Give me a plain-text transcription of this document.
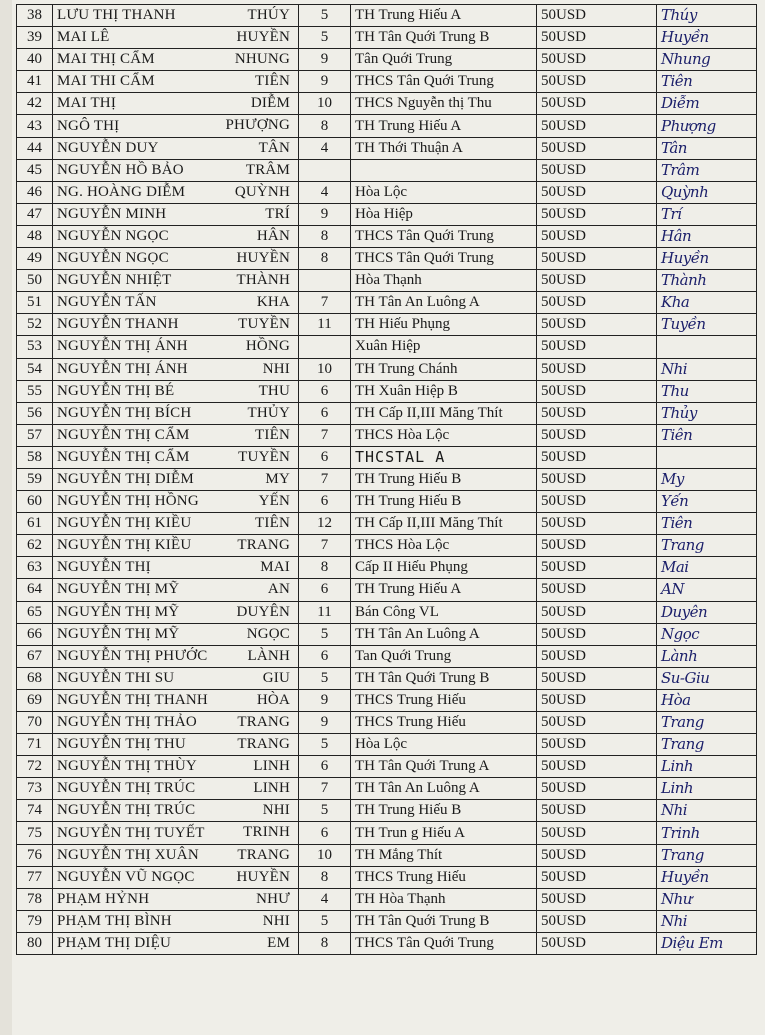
38	LƯU THỊ THANH THÚY	5	TH Trung Hiếu A	50USD	Thúy
39	MAI LÊ HUYỀN	5	TH Tân Quới Trung B	50USD	Huyền
40	MAI THỊ CẨM NHUNG	9	Tân Quới Trung	50USD	Nhung
41	MAI THI CẨM TIÊN	9	THCS Tân Quới Trung	50USD	Tiên
42	MAI THỊ DIỄM	10	THCS Nguyễn thị Thu	50USD	Diễm
43	NGÔ THỊ PHƯỢNG	8	TH Trung Hiếu A	50USD	Phượng
44	NGUYỄN DUY TÂN	4	TH Thới Thuận A	50USD	Tân
45	NGUYỄN HỒ BẢO TRÂM			50USD	Trâm
46	NG. HOÀNG DIỄM QUỲNH	4	Hòa Lộc	50USD	Quỳnh
47	NGUYỄN MINH TRÍ	9	Hòa Hiệp	50USD	Trí
48	NGUYỄN NGỌC HÂN	8	THCS Tân Quới Trung	50USD	Hân
49	NGUYỄN NGỌC HUYỀN	8	THCS Tân Quới Trung	50USD	Huyền
50	NGUYỄN NHIỆT THÀNH		Hòa Thạnh	50USD	Thành
51	NGUYỄN TẤN KHA	7	TH Tân An Luông A	50USD	Kha
52	NGUYỄN THANH TUYỀN	11	TH Hiếu Phụng	50USD	Tuyền
53	NGUYỄN THỊ ÁNH HỒNG		Xuân Hiệp	50USD	
54	NGUYỄN THỊ ÁNH NHI	10	TH Trung Chánh	50USD	Nhi
55	NGUYỄN THỊ BÉ THU	6	TH Xuân Hiệp B	50USD	Thu
56	NGUYỄN THỊ BÍCH THỦY	6	TH Cấp II,III Măng Thít	50USD	Thủy
57	NGUYỄN THỊ CẨM TIÊN	7	THCS Hòa Lộc	50USD	Tiên
58	NGUYỄN THỊ CẨM TUYỀN	6	THCSTAL A	50USD	
59	NGUYỄN THỊ DIỄM MY	7	TH Trung Hiếu B	50USD	My
60	NGUYỄN THỊ HỒNG YẾN	6	TH Trung Hiếu B	50USD	Yến
61	NGUYỄN THỊ KIỀU TIÊN	12	TH Cấp II,III Măng Thít	50USD	Tiên
62	NGUYỄN THỊ KIỀU TRANG	7	THCS Hòa Lộc	50USD	Trang
63	NGUYỄN THỊ MAI	8	Cấp II Hiếu Phụng	50USD	Mai
64	NGUYỄN THỊ MỸ AN	6	TH Trung Hiếu A	50USD	AN
65	NGUYỄN THỊ MỸ DUYÊN	11	Bán Công VL	50USD	Duyên
66	NGUYỄN THỊ MỸ NGỌC	5	TH Tân An Luông A	50USD	Ngọc
67	NGUYỄN THỊ PHƯỚC LÀNH	6	Tan Quới Trung	50USD	Lành
68	NGUYỄN THI SU GIU	5	TH Tân Quới Trung B	50USD	Su-Giu
69	NGUYỄN THỊ THANH HÒA	9	THCS Trung Hiếu	50USD	Hòa
70	NGUYỄN THỊ THẢO TRANG	9	THCS Trung Hiếu	50USD	Trang
71	NGUYỄN THỊ THU TRANG	5	Hòa Lộc	50USD	Trang
72	NGUYỄN THỊ THÙY LINH	6	TH Tân Quới Trung A	50USD	Linh
73	NGUYỄN THỊ TRÚC LINH	7	TH Tân An Luông A	50USD	Linh
74	NGUYỄN THỊ TRÚC NHI	5	TH Trung Hiếu B	50USD	Nhi
75	NGUYỄN THỊ TUYẾT TRINH	6	TH Trun g Hiếu A	50USD	Trinh
76	NGUYỄN THỊ XUÂN TRANG	10	TH Mắng Thít	50USD	Trang
77	NGUYỄN VŨ NGỌC HUYỀN	8	THCS Trung Hiếu	50USD	Huyền
78	PHẠM HỶNH NHƯ	4	TH Hòa Thạnh	50USD	Như
79	PHẠM THỊ BÌNH NHI	5	TH Tân Quới Trung B	50USD	Nhi
80	PHẠM THỊ DIỆU EM	8	THCS Tân Quới Trung	50USD	Diệu Em
